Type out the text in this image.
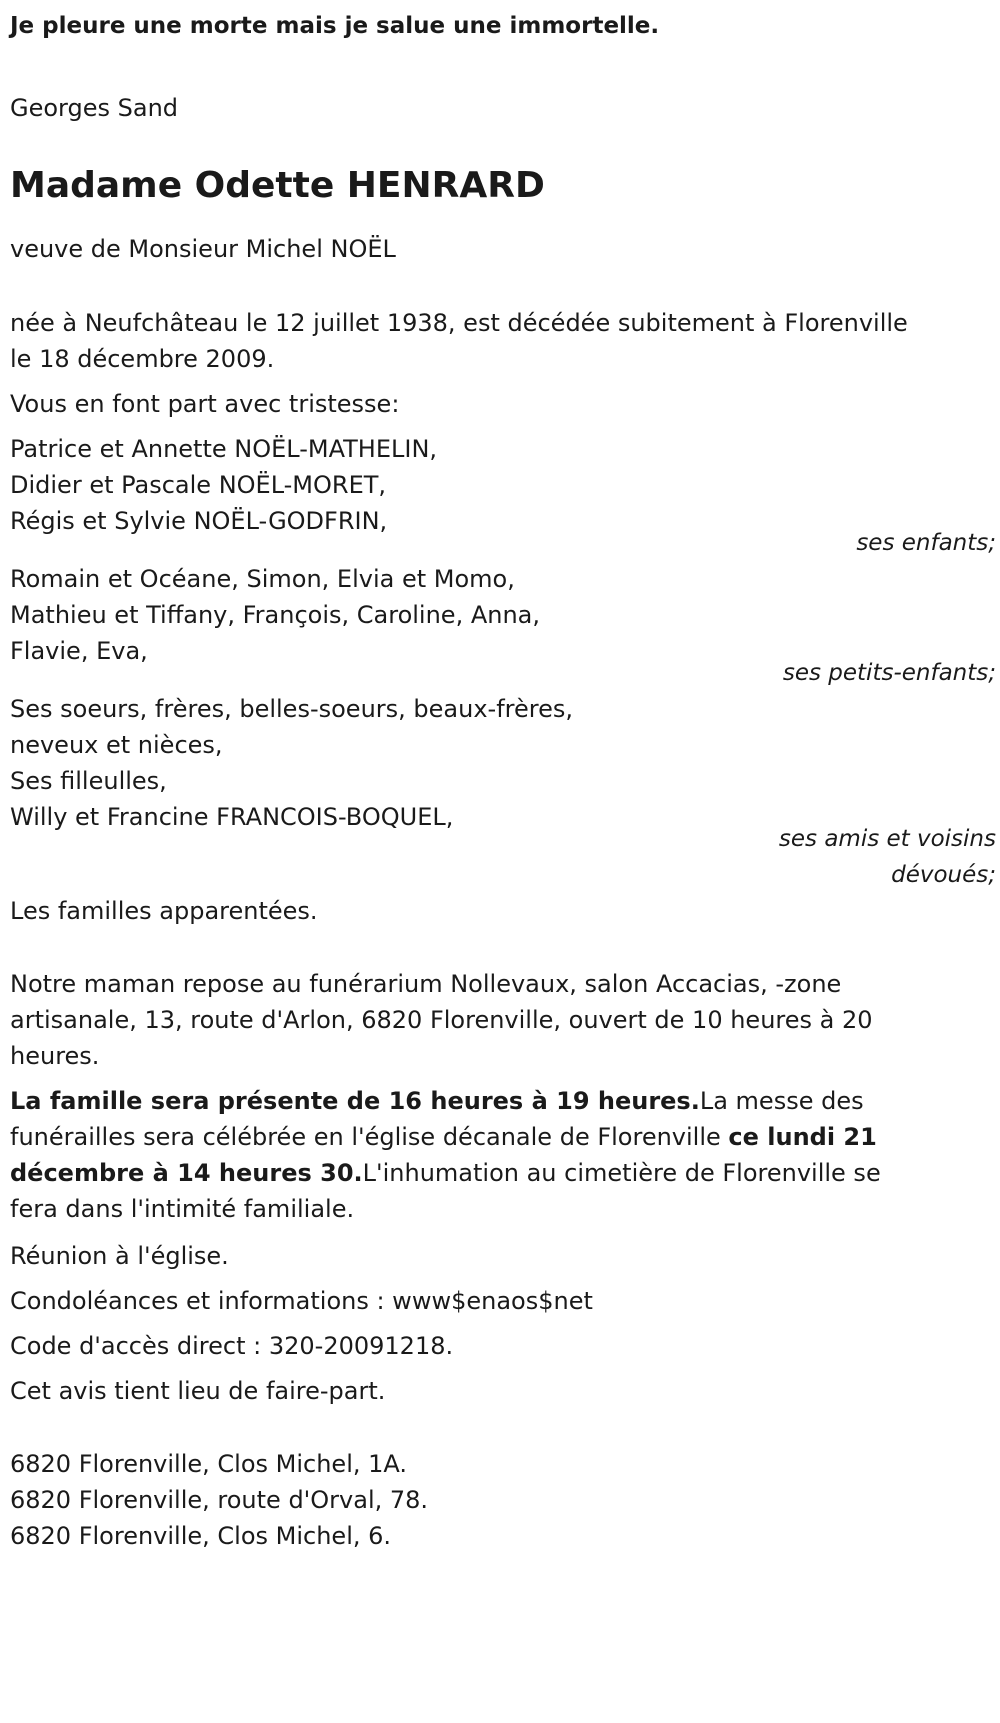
Je pleure une morte mais je salue une immortelle.

Georges Sand

Madame Odette HENRARD

veuve de Monsieur Michel NOËL

née à Neufchâteau le 12 juillet 1938, est décédée subitement à Florenville

le 18 décembre 2009.

Vous en font part avec tristesse:

Patrice et Annette NOËL-MATHELIN,

Didier et Pascale NOËL-MORET,

Régis et Sylvie NOËL-GODFRIN,

ses enfants;

Romain et Océane, Simon, Elvia et Momo,

Mathieu et Tiffany, François, Caroline, Anna,

Flavie, Eva,

ses petits-enfants;

Ses soeurs, frères, belles-soeurs, beaux-frères,

neveux et nièces,

Ses filleulles,

Willy et Francine FRANCOIS-BOQUEL,

ses amis et voisins

dévoués;

Les familles apparentées.

Notre maman repose au funérarium Nollevaux, salon Accacias, -zone

artisanale, 13, route d'Arlon, 6820 Florenville, ouvert de 10 heures à 20

heures.

La famille sera présente de 16 heures à 19 heures.La messe des

funérailles sera célébrée en l'église décanale de Florenville ce lundi 21

décembre à 14 heures 30.L'inhumation au cimetière de Florenville se

fera dans l'intimité familiale.

Réunion à l'église.

Condoléances et informations : www$enaos$net

Code d'accès direct : 320-20091218.

Cet avis tient lieu de faire-part.

6820 Florenville, Clos Michel, 1A.

6820 Florenville, route d'Orval, 78.

6820 Florenville, Clos Michel, 6.
